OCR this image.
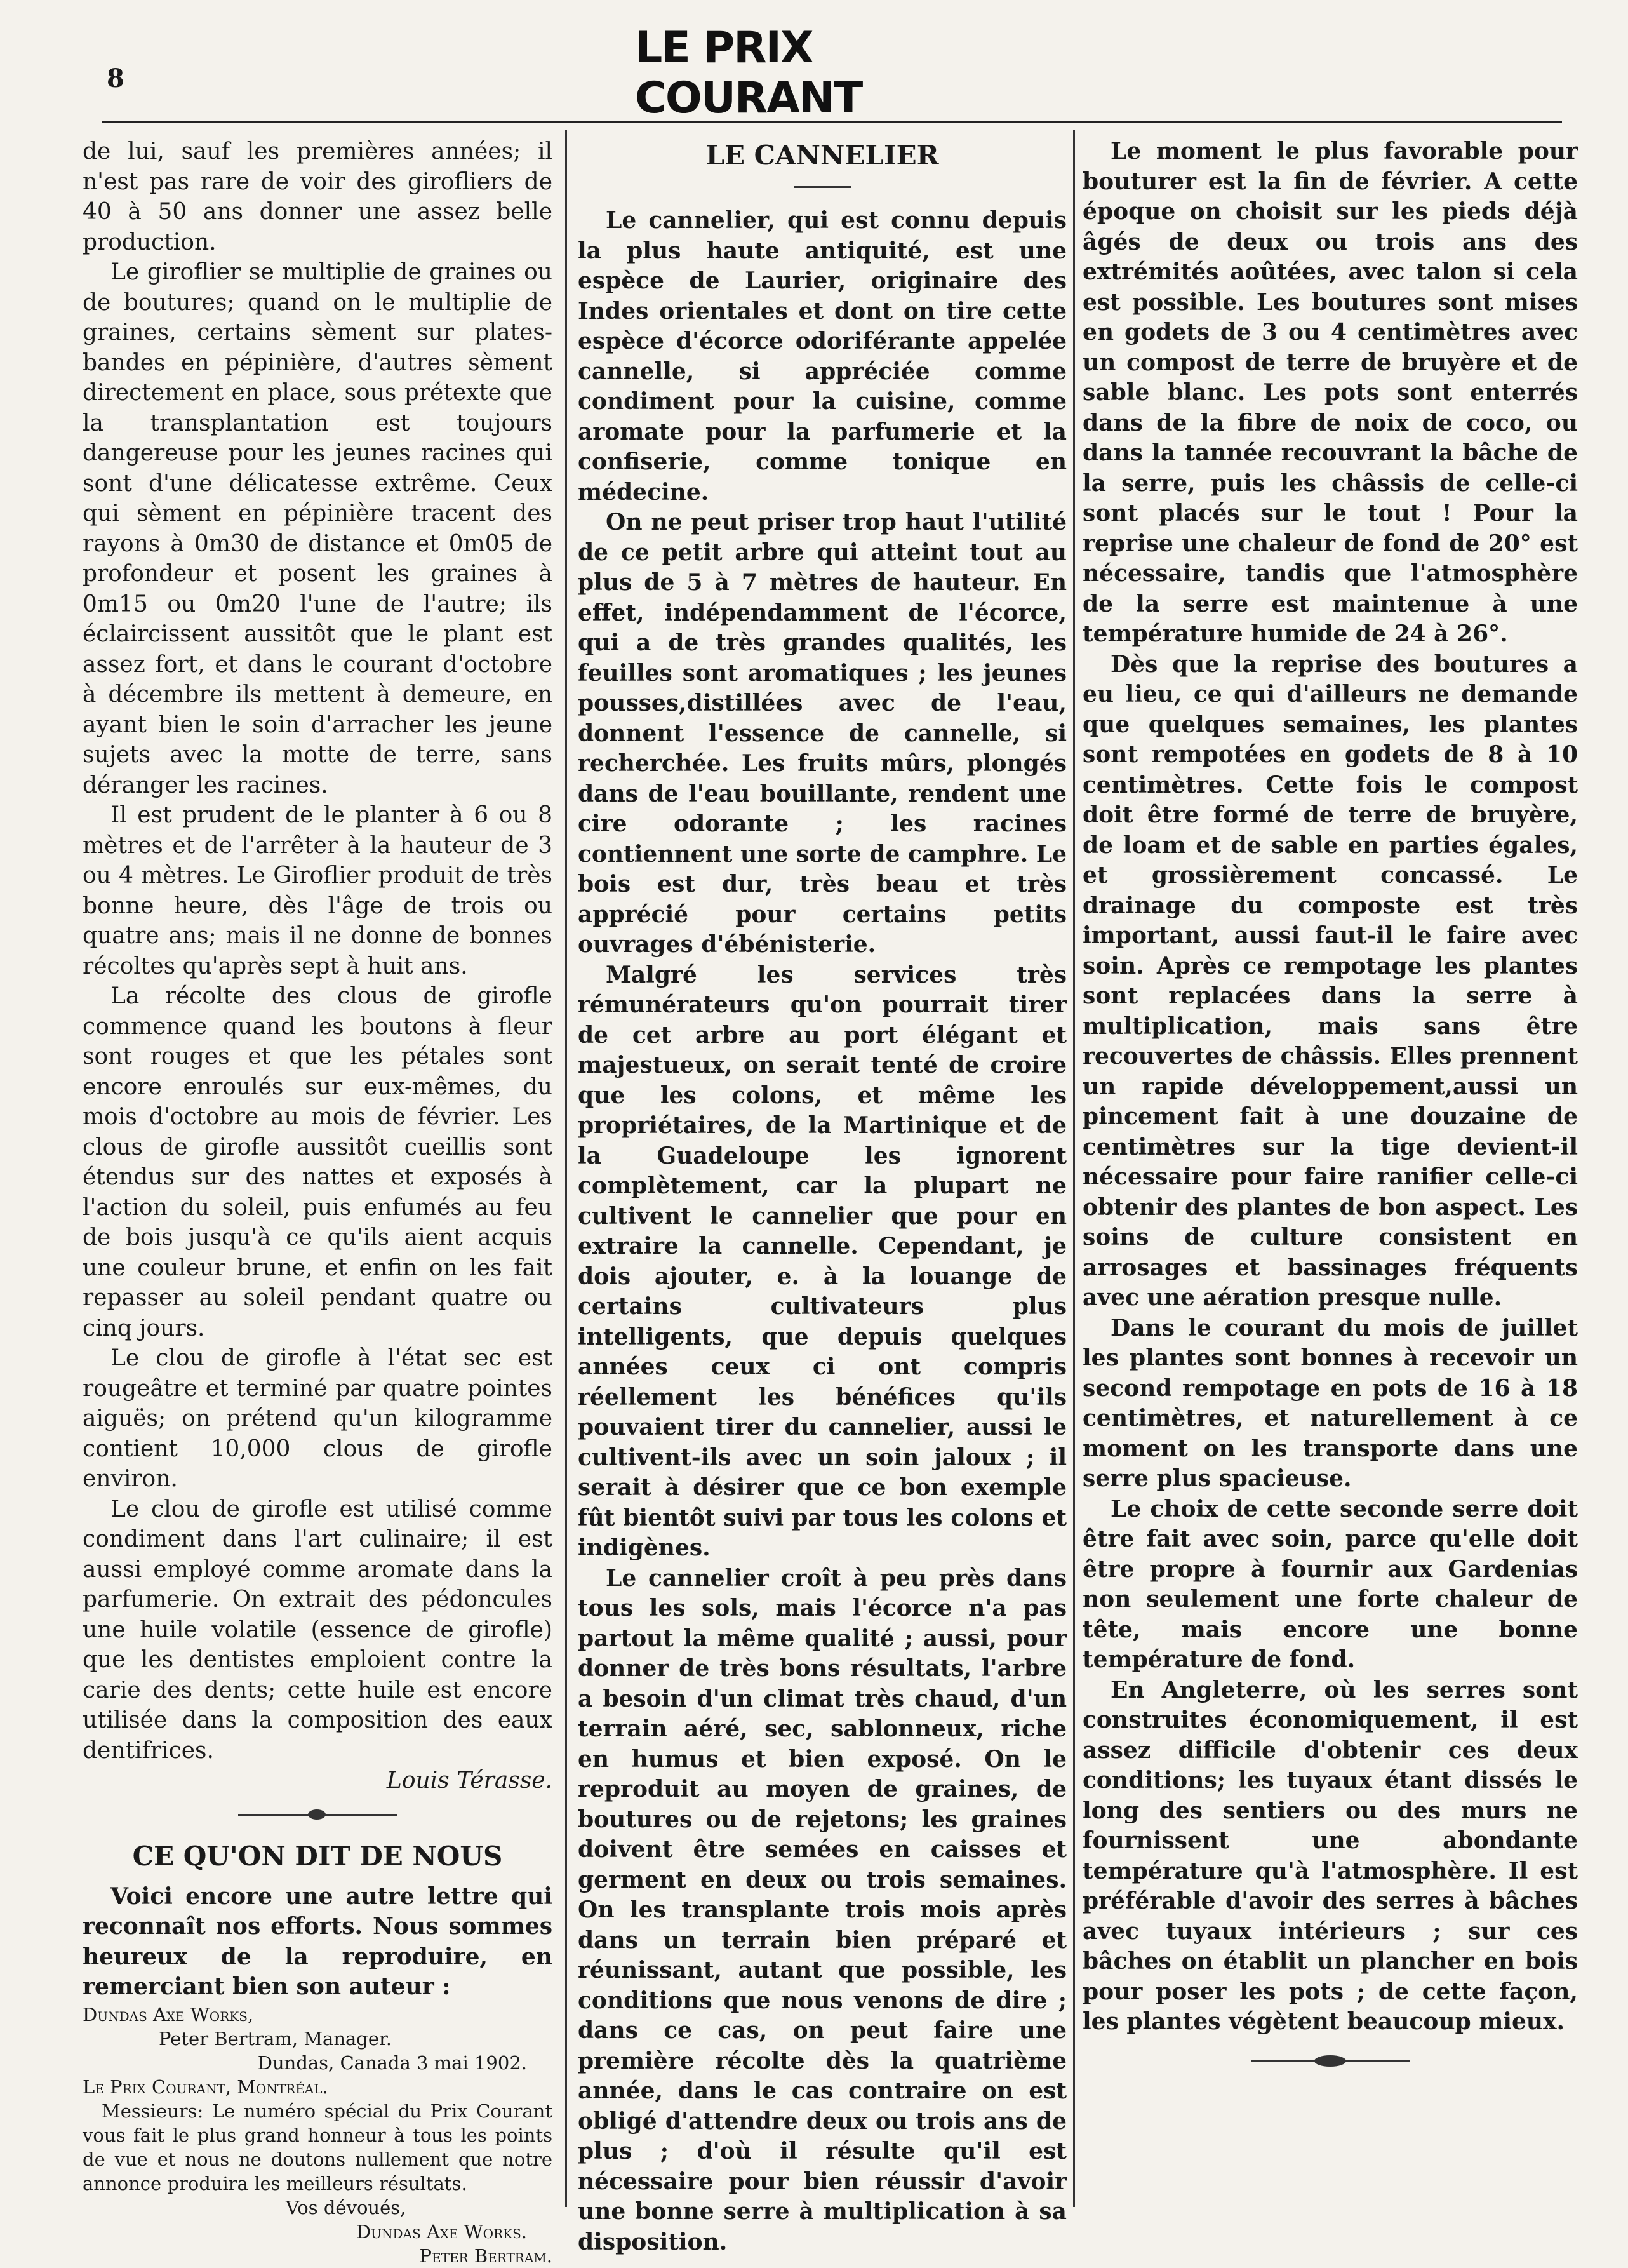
8
LE PRIX COURANT

de lui, sauf les premières années; il n'est pas rare de voir des girofliers de 40 à 50 ans donner une assez belle production.

Le giroflier se multiplie de graines ou de boutures; quand on le multiplie de graines, certains sèment sur plates-bandes en pépinière, d'autres sèment directement en place, sous prétexte que la transplantation est toujours dangereuse pour les jeunes racines qui sont d'une délicatesse extrême. Ceux qui sèment en pépinière tracent des rayons à 0m30 de distance et 0m05 de profondeur et posent les graines à 0m15 ou 0m20 l'une de l'autre; ils éclaircissent aussitôt que le plant est assez fort, et dans le courant d'octobre à décembre ils mettent à demeure, en ayant bien le soin d'arracher les jeune sujets avec la motte de terre, sans déranger les racines.

Il est prudent de le planter à 6 ou 8 mètres et de l'arrêter à la hauteur de 3 ou 4 mètres. Le Giroflier produit de très bonne heure, dès l'âge de trois ou quatre ans; mais il ne donne de bonnes récoltes qu'après sept à huit ans.

La récolte des clous de girofle commence quand les boutons à fleur sont rouges et que les pétales sont encore enroulés sur eux-mêmes, du mois d'octobre au mois de février. Les clous de girofle aussitôt cueillis sont étendus sur des nattes et exposés à l'action du soleil, puis enfumés au feu de bois jusqu'à ce qu'ils aient acquis une couleur brune, et enfin on les fait repasser au soleil pendant quatre ou cinq jours.

Le clou de girofle à l'état sec est rougeâtre et terminé par quatre pointes aiguës; on prétend qu'un kilogramme contient 10,000 clous de girofle environ.

Le clou de girofle est utilisé comme condiment dans l'art culinaire; il est aussi employé comme aromate dans la parfumerie. On extrait des pédoncules une huile volatile (essence de girofle) que les dentistes emploient contre la carie des dents; cette huile est encore utilisée dans la composition des eaux dentifrices.

Louis Térasse.
CE QU'ON DIT DE NOUS

Voici encore une autre lettre qui reconnaît nos efforts. Nous sommes heureux de la reproduire, en remerciant bien son auteur :

Dundas Axe Works,
Peter Bertram, Manager.
Dundas, Canada 3 mai 1902.
Le Prix Courant, Montréal.

Messieurs: Le numéro spécial du Prix Courant vous fait le plus grand honneur à tous les points de vue et nous ne doutons nullement que notre annonce produira les meilleurs résultats.

Vos dévoués,
Dundas Axe Works.
Peter Bertram.
LE CANNELIER

Le cannelier, qui est connu depuis la plus haute antiquité, est une espèce de Laurier, originaire des Indes orientales et dont on tire cette espèce d'écorce odoriférante appelée cannelle, si appréciée comme condiment pour la cuisine, comme aromate pour la parfumerie et la confiserie, comme tonique en médecine.

On ne peut priser trop haut l'utilité de ce petit arbre qui atteint tout au plus de 5 à 7 mètres de hauteur. En effet, indépendamment de l'écorce, qui a de très grandes qualités, les feuilles sont aromatiques ; les jeunes pousses,distillées avec de l'eau, donnent l'essence de cannelle, si recherchée. Les fruits mûrs, plongés dans de l'eau bouillante, rendent une cire odorante ; les racines contiennent une sorte de camphre. Le bois est dur, très beau et très apprécié pour certains petits ouvrages d'ébénisterie.

Malgré les services très rémunérateurs qu'on pourrait tirer de cet arbre au port élégant et majestueux, on serait tenté de croire que les colons, et même les propriétaires, de la Martinique et de la Guadeloupe les ignorent complètement, car la plupart ne cultivent le cannelier que pour en extraire la cannelle. Cependant, je dois ajouter, e. à la louange de certains cultivateurs plus intelligents, que depuis quelques années ceux ci ont compris réellement les bénéfices qu'ils pouvaient tirer du cannelier, aussi le cultivent-ils avec un soin jaloux ; il serait à désirer que ce bon exemple fût bientôt suivi par tous les colons et indigènes.

Le cannelier croît à peu près dans tous les sols, mais l'écorce n'a pas partout la même qualité ; aussi, pour donner de très bons résultats, l'arbre a besoin d'un climat très chaud, d'un terrain aéré, sec, sablonneux, riche en humus et bien exposé. On le reproduit au moyen de graines, de boutures ou de rejetons; les graines doivent être semées en caisses et germent en deux ou trois semaines. On les transplante trois mois après dans un terrain bien préparé et réunissant, autant que possible, les conditions que nous venons de dire ; dans ce cas, on peut faire une première récolte dès la quatrième année, dans le cas contraire on est obligé d'attendre deux ou trois ans de plus ; d'où il résulte qu'il est nécessaire pour bien réussir d'avoir une bonne serre à multiplication à sa disposition.

Le moment le plus favorable pour bouturer est la fin de février. A cette époque on choisit sur les pieds déjà âgés de deux ou trois ans des extrémités aoûtées, avec talon si cela est possible. Les boutures sont mises en godets de 3 ou 4 centimètres avec un compost de terre de bruyère et de sable blanc. Les pots sont enterrés dans de la fibre de noix de coco, ou dans la tannée recouvrant la bâche de la serre, puis les châssis de celle-ci sont placés sur le tout ! Pour la reprise une chaleur de fond de 20° est nécessaire, tandis que l'atmosphère de la serre est maintenue à une température humide de 24 à 26°.

Dès que la reprise des boutures a eu lieu, ce qui d'ailleurs ne demande que quelques semaines, les plantes sont rempotées en godets de 8 à 10 centimètres. Cette fois le compost doit être formé de terre de bruyère, de loam et de sable en parties égales, et grossièrement concassé. Le drainage du composte est très important, aussi faut-il le faire avec soin. Après ce rempotage les plantes sont replacées dans la serre à multiplication, mais sans être recouvertes de châssis. Elles prennent un rapide développement,aussi un pincement fait à une douzaine de centimètres sur la tige devient-il nécessaire pour faire ranifier celle-ci obtenir des plantes de bon aspect. Les soins de culture consistent en arrosages et bassinages fréquents avec une aération presque nulle.

Dans le courant du mois de juillet les plantes sont bonnes à recevoir un second rempotage en pots de 16 à 18 centimètres, et naturellement à ce moment on les transporte dans une serre plus spacieuse.

Le choix de cette seconde serre doit être fait avec soin, parce qu'elle doit être propre à fournir aux Gardenias non seulement une forte chaleur de tête, mais encore une bonne température de fond.

En Angleterre, où les serres sont construites économiquement, il est assez difficile d'obtenir ces deux conditions; les tuyaux étant dissés le long des sentiers ou des murs ne fournissent une abondante température qu'à l'atmosphère. Il est préférable d'avoir des serres à bâches avec tuyaux intérieurs ; sur ces bâches on établit un plancher en bois pour poser les pots ; de cette façon, les plantes végètent beaucoup mieux.
